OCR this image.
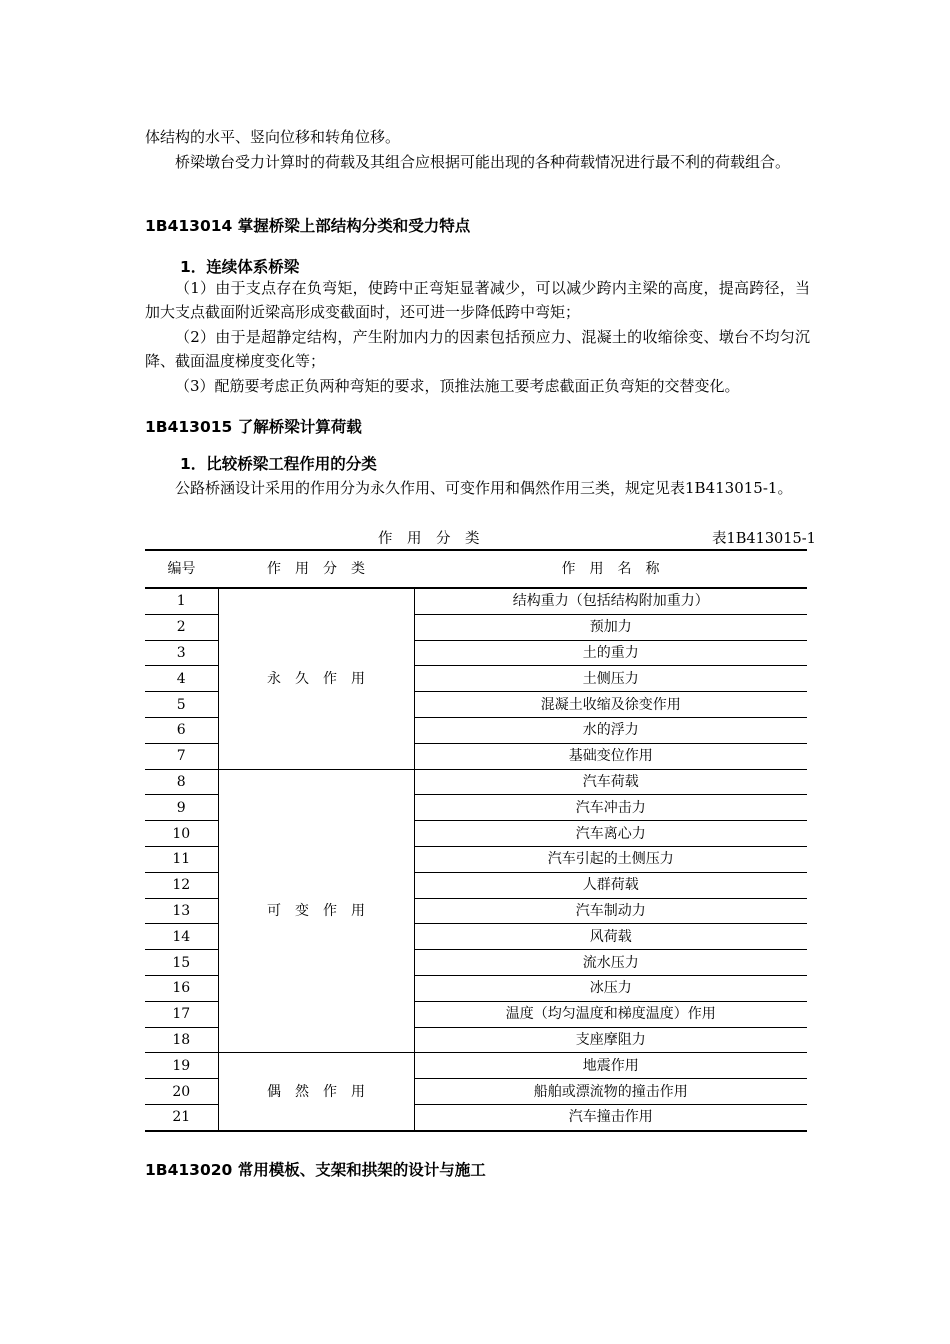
体结构的水平、竖向位移和转角位移。

桥梁墩台受力计算时的荷载及其组合应根据可能出现的各种荷载情况进行最不利的荷载组合。

1B413014 掌握桥梁上部结构分类和受力特点
1．连续体系桥梁

（1）由于支点存在负弯矩，使跨中正弯矩显著减少，可以减少跨内主梁的高度，提高跨径，当加大支点截面附近梁高形成变截面时，还可进一步降低跨中弯矩；

（2）由于是超静定结构，产生附加内力的因素包括预应力、混凝土的收缩徐变、墩台不均匀沉降、截面温度梯度变化等；

（3）配筋要考虑正负两种弯矩的要求，顶推法施工要考虑截面正负弯矩的交替变化。

1B413015 了解桥梁计算荷载
1．比较桥梁工程作用的分类

公路桥涵设计采用的作用分为永久作用、可变作用和偶然作用三类，规定见表1B413015-1。

作　用　分　类	表1B413015-1
编号	作　用　分　类	作　用　名　称
1	永　久　作　用	结构重力（包括结构附加重力）
2		预加力
3		土的重力
4		土侧压力
5		混凝土收缩及徐变作用
6		水的浮力
7		基础变位作用
8	可　变　作　用	汽车荷载
9		汽车冲击力
10		汽车离心力
11		汽车引起的土侧压力
12		人群荷载
13		汽车制动力
14		风荷载
15		流水压力
16		冰压力
17		温度（均匀温度和梯度温度）作用
18		支座摩阻力
19	偶　然　作　用	地震作用
20		船舶或漂流物的撞击作用
21		汽车撞击作用
1B413020 常用模板、支架和拱架的设计与施工
